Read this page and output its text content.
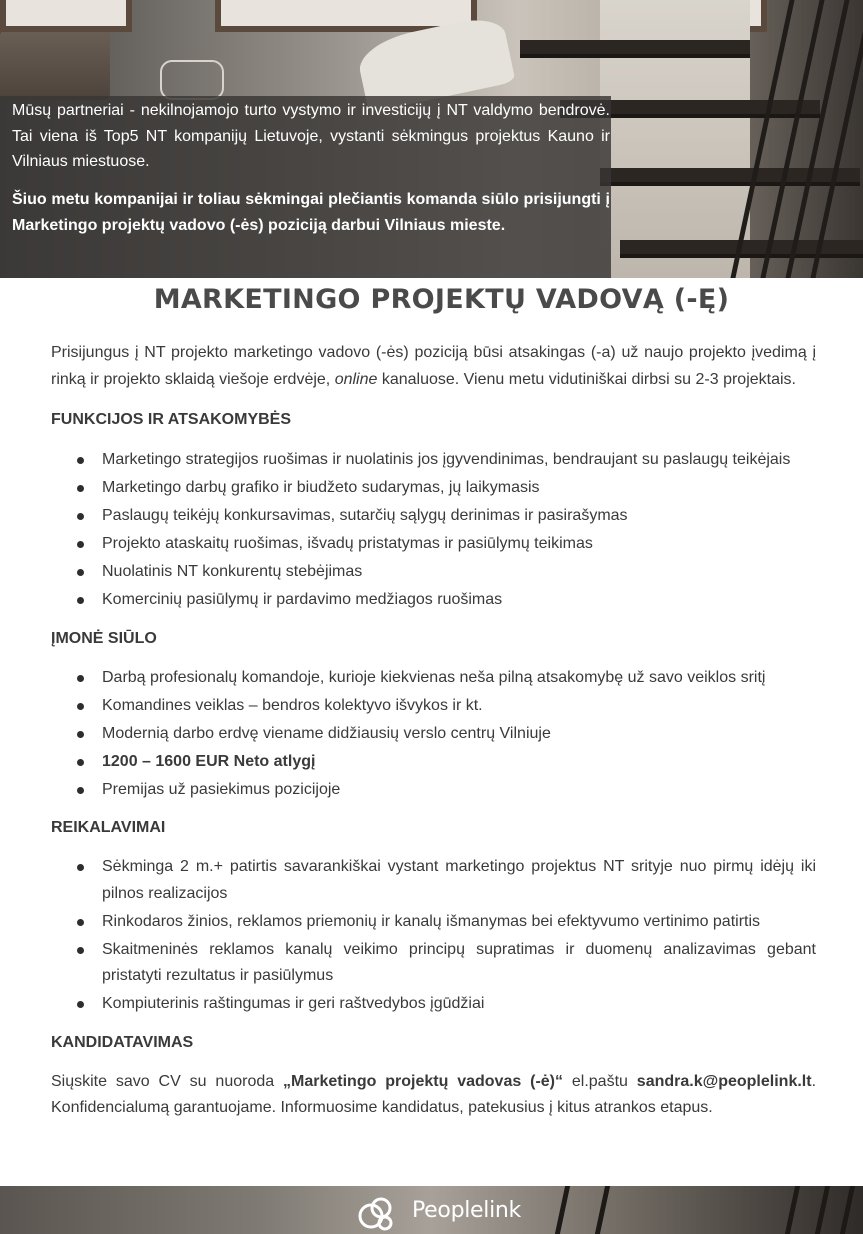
Mūsų partneriai - nekilnojamojo turto vystymo ir investicijų į NT valdymo bendrovė. Tai viena iš Top5 NT kompanijų Lietuvoje, vystanti sėkmingus projektus Kauno ir Vilniaus miestuose.

Šiuo metu kompanijai ir toliau sėkmingai plečiantis komanda siūlo prisijungti į Marketingo projektų vadovo (-ės) poziciją darbui Vilniaus mieste.

MARKETINGO PROJEKTŲ VADOVĄ (-Ę)

Prisijungus į NT projekto marketingo vadovo (-ės) poziciją būsi atsakingas (-a) už naujo projekto įvedimą į rinką ir projekto sklaidą viešoje erdvėje, online kanaluose. Vienu metu vidutiniškai dirbsi su 2-3 projektais.

FUNKCIJOS IR ATSAKOMYBĖS
Marketingo strategijos ruošimas ir nuolatinis jos įgyvendinimas, bendraujant su paslaugų teikėjais
Marketingo darbų grafiko ir biudžeto sudarymas, jų laikymasis
Paslaugų teikėjų konkursavimas, sutarčių sąlygų derinimas ir pasirašymas
Projekto ataskaitų ruošimas, išvadų pristatymas ir pasiūlymų teikimas
Nuolatinis NT konkurentų stebėjimas
Komercinių pasiūlymų ir pardavimo medžiagos ruošimas
ĮMONĖ SIŪLO
Darbą profesionalų komandoje, kurioje kiekvienas neša pilną atsakomybę už savo veiklos sritį
Komandines veiklas – bendros kolektyvo išvykos ir kt.
Modernią darbo erdvę viename didžiausių verslo centrų Vilniuje
1200 – 1600 EUR Neto atlygį
Premijas už pasiekimus pozicijoje
REIKALAVIMAI
Sėkminga 2 m.+ patirtis savarankiškai vystant marketingo projektus NT srityje nuo pirmų idėjų iki pilnos realizacijos
Rinkodaros žinios, reklamos priemonių ir kanalų išmanymas bei efektyvumo vertinimo patirtis
Skaitmeninės reklamos kanalų veikimo principų supratimas ir duomenų analizavimas gebant pristatyti rezultatus ir pasiūlymus
Kompiuterinis raštingumas ir geri raštvedybos įgūdžiai
KANDIDATAVIMAS

Siųskite savo CV su nuoroda „Marketingo projektų vadovas (-ė)“ el.paštu sandra.k@peoplelink.lt. Konfidencialumą garantuojame. Informuosime kandidatus, patekusius į kitus atrankos etapus.

Peoplelink
